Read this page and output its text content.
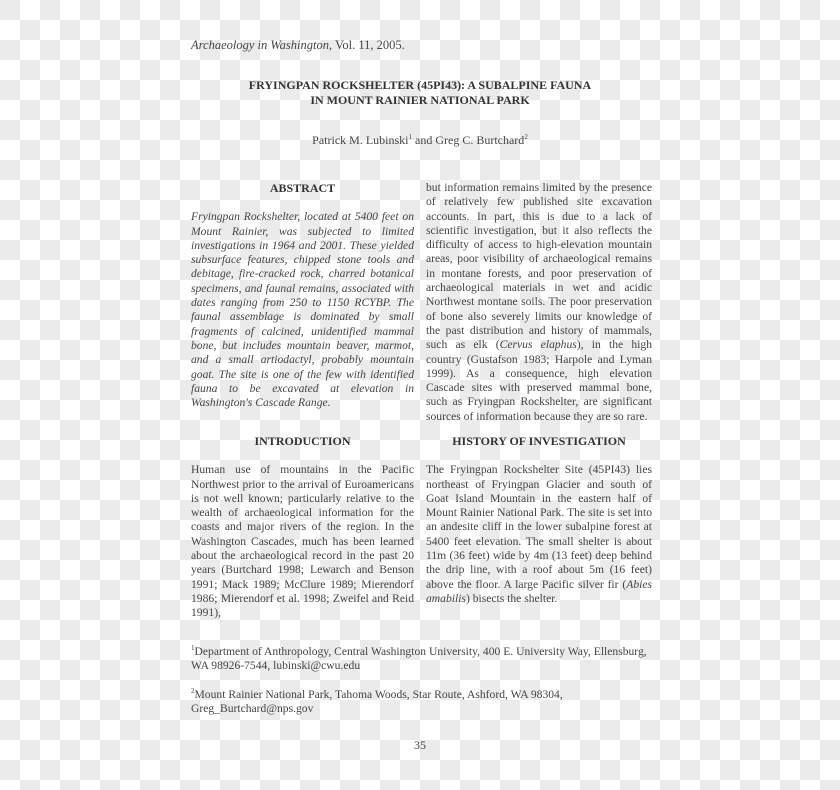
Archaeology in Washington, Vol. 11, 2005.
FRYINGPAN ROCKSHELTER (45PI43): A SUBALPINE FAUNA
IN MOUNT RAINIER NATIONAL PARK
Patrick M. Lubinski$^1$ and Greg C. Burtchard$^2$
ABSTRACT
Fryingpan Rockshelter, located at 5400 feet on Mount Rainier, was subjected to limited investigations in 1964 and 2001. These yielded subsurface features, chipped stone tools and debitage, fire-cracked rock, charred botanical specimens, and faunal remains, associated with dates ranging from 250 to 1150 RCYBP. The faunal assemblage is dominated by small fragments of calcined, unidentified mammal bone, but includes mountain beaver, marmot, and a small artiodactyl, probably mountain goat. The site is one of the few with identified fauna to be excavated at elevation in Washington's Cascade Range.
but information remains limited by the presence of relatively few published site excavation accounts. In part, this is due to a lack of scientific investigation, but it also reflects the difficulty of access to high-elevation mountain areas, poor visibility of archaeological remains in montane forests, and poor preservation of archaeological materials in wet and acidic Northwest montane soils. The poor preservation of bone also severely limits our knowledge of the past distribution and history of mammals, such as elk (Cervus elaphus), in the high country (Gustafson 1983; Harpole and Lyman 1999). As a consequence, high elevation Cascade sites with preserved mammal bone, such as Fryingpan Rockshelter, are significant sources of information because they are so rare.
INTRODUCTION
Human use of mountains in the Pacific Northwest prior to the arrival of Euroamericans is not well known; particularly relative to the wealth of archaeological information for the coasts and major rivers of the region. In the Washington Cascades, much has been learned about the archaeological record in the past 20 years (Burtchard 1998; Lewarch and Benson 1991; Mack 1989; McClure 1989; Mierendorf 1986; Mierendorf et al. 1998; Zweifel and Reid 1991),
HISTORY OF INVESTIGATION
The Fryingpan Rockshelter Site (45PI43) lies northeast of Fryingpan Glacier and south of Goat Island Mountain in the eastern half of Mount Rainier National Park. The site is set into an andesite cliff in the lower subalpine forest at 5400 feet elevation. The small shelter is about 11m (36 feet) wide by 4m (13 feet) deep behind the drip line, with a roof about 5m (16 feet) above the floor. A large Pacific silver fir (Abies amabilis) bisects the shelter.
$^1$Department of Anthropology, Central Washington University, 400 E. University Way, Ellensburg, WA 98926-7544, lubinski@cwu.edu
$^2$Mount Rainier National Park, Tahoma Woods, Star Route, Ashford, WA 98304, Greg_Burtchard@nps.gov
35
